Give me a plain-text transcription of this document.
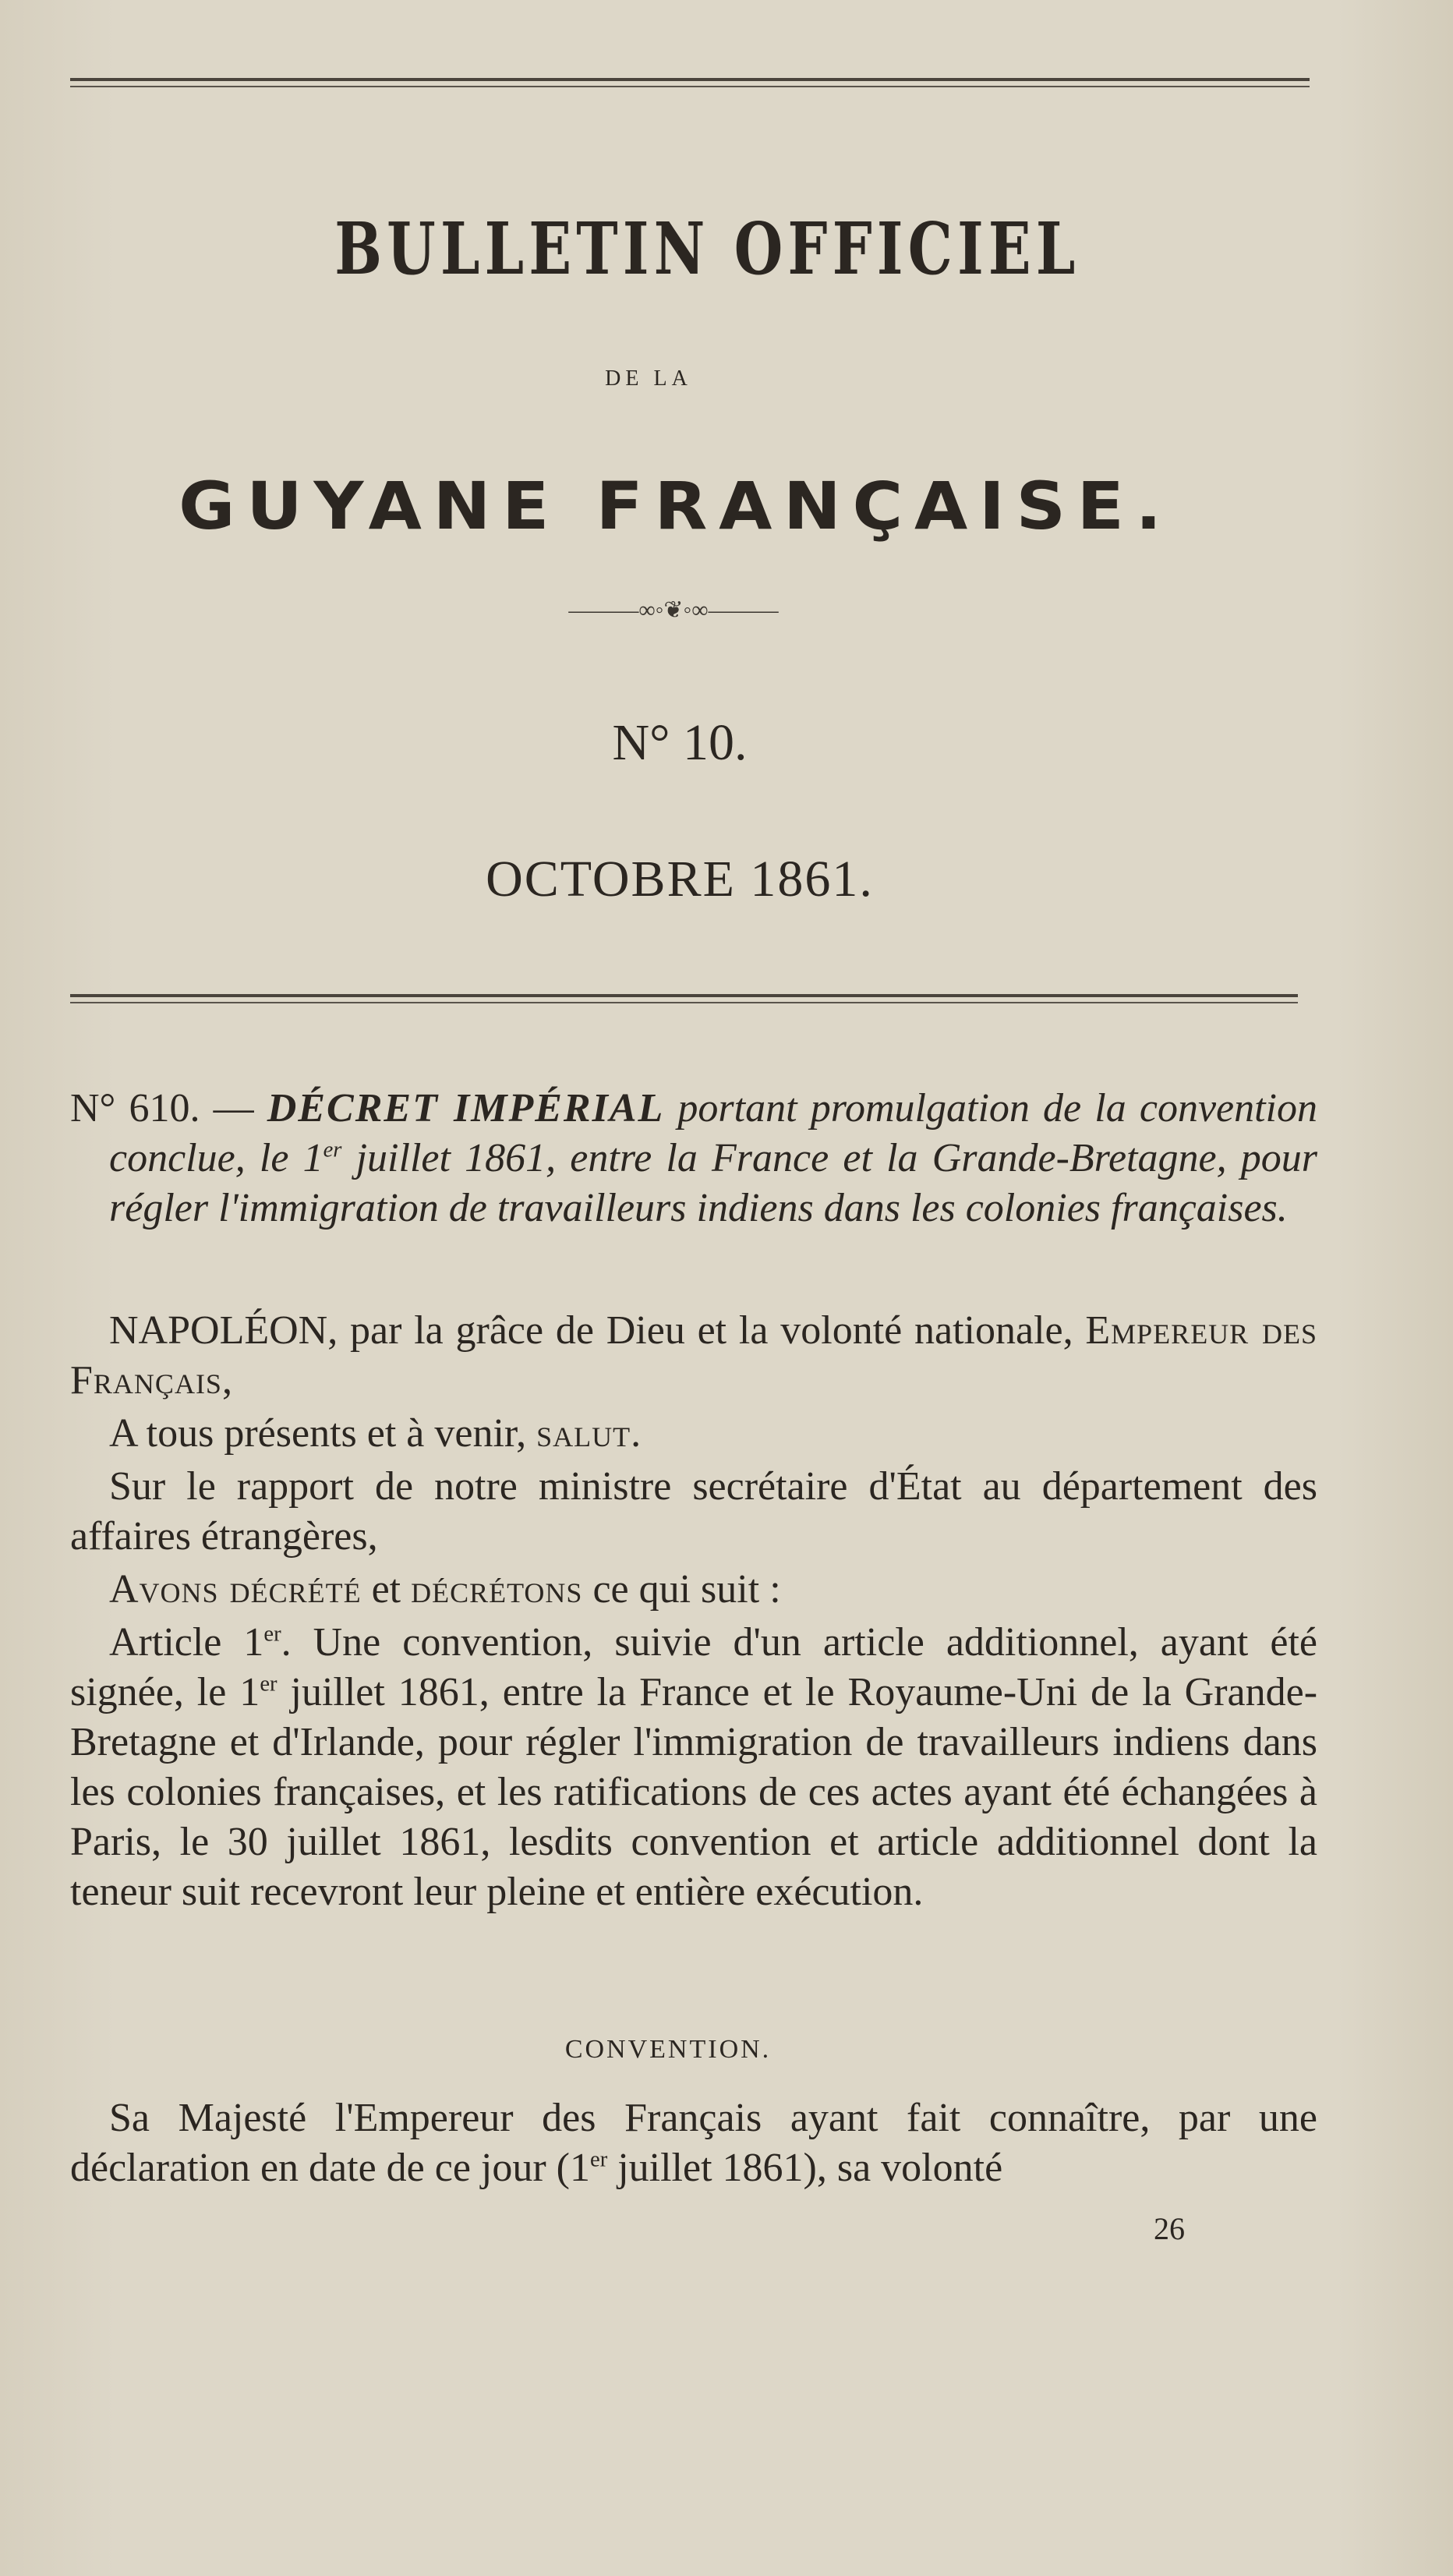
BULLETIN OFFICIEL
DE LA
GUYANE FRANÇAISE.
———∞◦❦◦∞———
N° 10.
OCTOBRE 1861.
N° 610. — DÉCRET IMPÉRIAL portant promulgation de la convention conclue, le 1er juillet 1861, entre la France et la Grande-Bretagne, pour régler l'immigration de travailleurs indiens dans les colonies françaises.
NAPOLÉON, par la grâce de Dieu et la volonté nationale, Empereur des Français,
A tous présents et à venir, salut.
Sur le rapport de notre ministre secrétaire d'État au département des affaires étrangères,
Avons décrété et décrétons ce qui suit :
Article 1er. Une convention, suivie d'un article additionnel, ayant été signée, le 1er juillet 1861, entre la France et le Royaume-Uni de la Grande-Bretagne et d'Irlande, pour régler l'immigration de travailleurs indiens dans les colonies françaises, et les ratifications de ces actes ayant été échangées à Paris, le 30 juillet 1861, lesdits convention et article additionnel dont la teneur suit recevront leur pleine et entière exécution.
CONVENTION.
Sa Majesté l'Empereur des Français ayant fait connaître, par une déclaration en date de ce jour (1er juillet 1861), sa volonté
26
